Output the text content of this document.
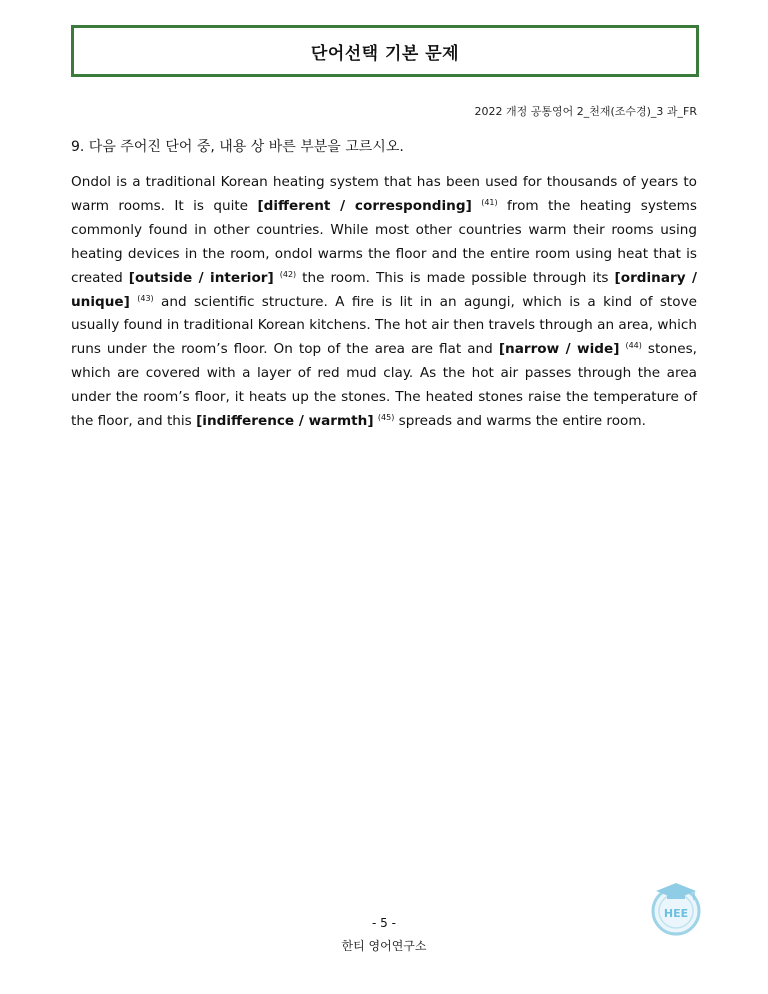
단어선택 기본 문제
2022 개정 공통영어 2_천재(조수경)_3 과_FR
9. 다음 주어진 단어 중, 내용 상 바른 부분을 고르시오.
Ondol is a traditional Korean heating system that has been used for thousands of years to warm rooms. It is quite [different / corresponding] $^{(41)}$ from the heating systems commonly found in other countries. While most other countries warm their rooms using heating devices in the room, ondol warms the floor and the entire room using heat that is created [outside / interior] $^{(42)}$ the room. This is made possible through its [ordinary / unique] $^{(43)}$ and scientific structure. A fire is lit in an agungi, which is a kind of stove usually found in traditional Korean kitchens. The hot air then travels through an area, which runs under the room’s floor. On top of the area are flat and [narrow / wide] $^{(44)}$ stones, which are covered with a layer of red mud clay. As the hot air passes through the area under the room’s floor, it heats up the stones. The heated stones raise the temperature of the floor, and this [indifference / warmth] $^{(45)}$ spreads and warms the entire room.
HEE
- 5 -
한티 영어연구소
